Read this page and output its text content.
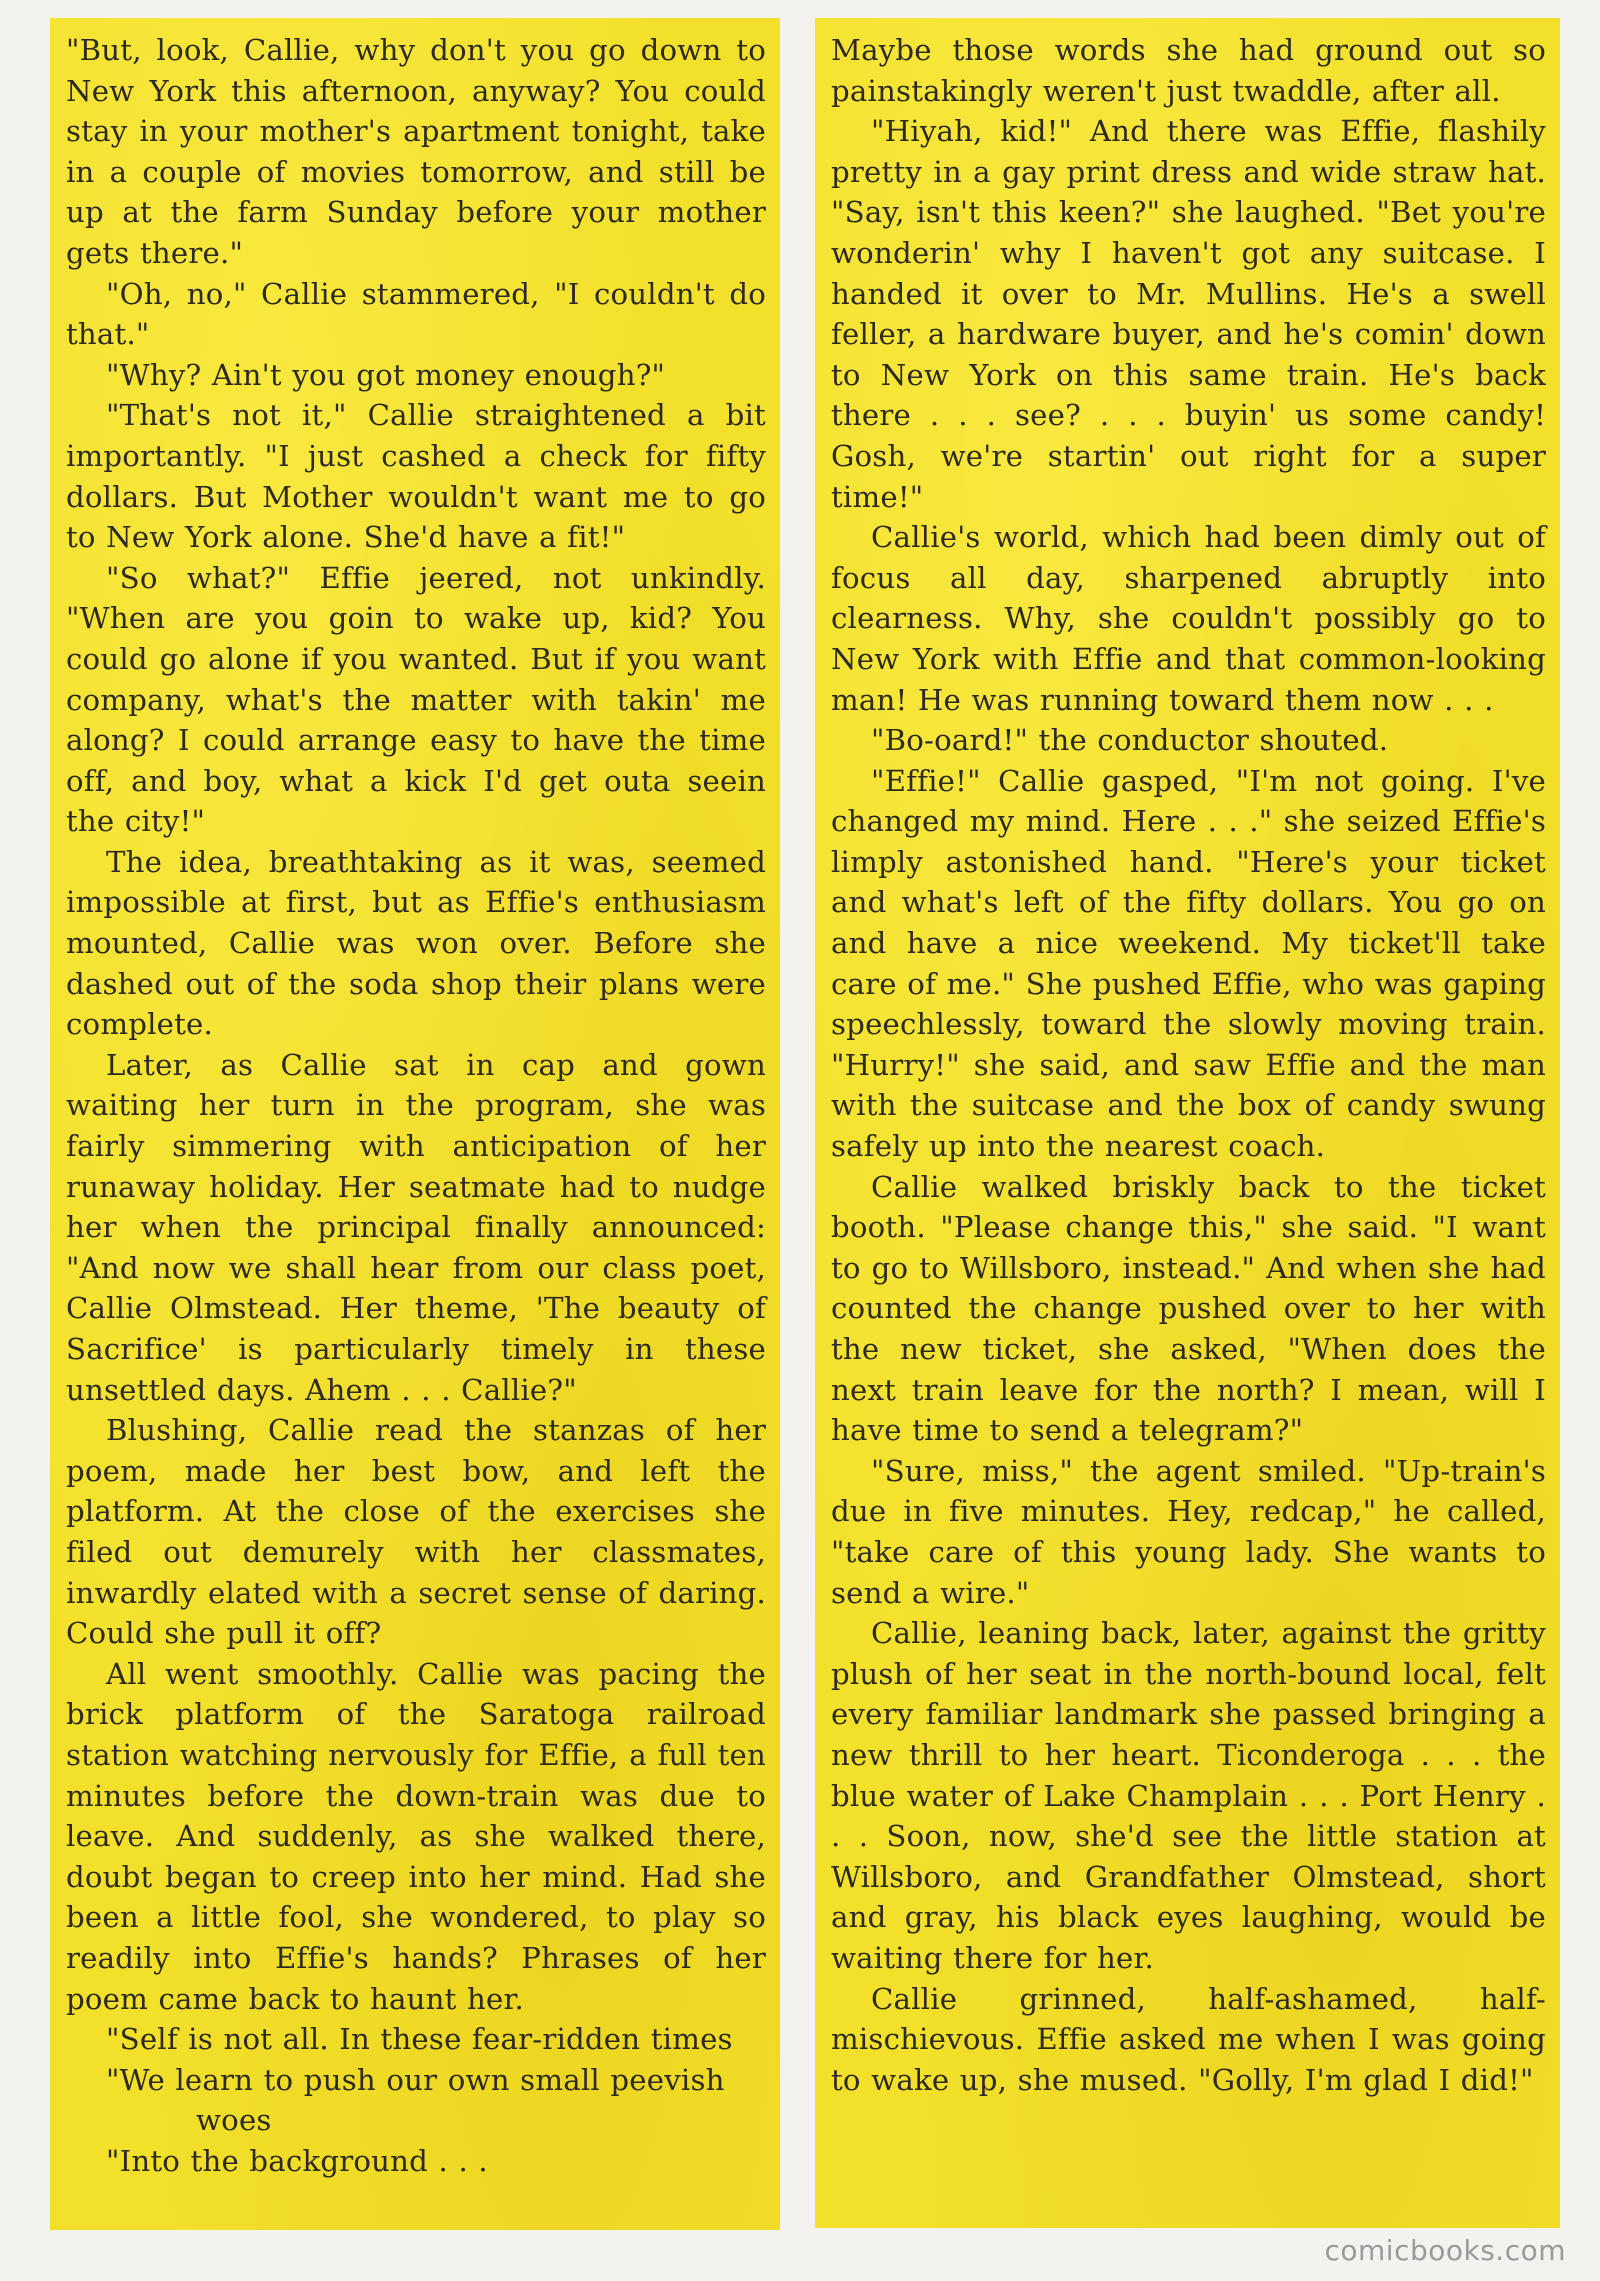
"But, look, Callie, why don't you go down to New York this afternoon, anyway? You could stay in your mother's apartment tonight, take in a couple of movies tomorrow, and still be up at the farm Sunday before your mother gets there."

"Oh, no," Callie stammered, "I couldn't do that."

"Why? Ain't you got money enough?"

"That's not it," Callie straightened a bit importantly. "I just cashed a check for fifty dollars. But Mother wouldn't want me to go to New York alone. She'd have a fit!"

"So what?" Effie jeered, not unkindly. "When are you goin to wake up, kid? You could go alone if you wanted. But if you want company, what's the matter with takin' me along? I could arrange easy to have the time off, and boy, what a kick I'd get outa seein the city!"

The idea, breathtaking as it was, seemed impossible at first, but as Effie's enthusiasm mounted, Callie was won over. Before she dashed out of the soda shop their plans were complete.

Later, as Callie sat in cap and gown waiting her turn in the program, she was fairly simmering with anticipation of her runaway holiday. Her seatmate had to nudge her when the principal finally announced: "And now we shall hear from our class poet, Callie Olmstead. Her theme, 'The beauty of Sacrifice' is particularly timely in these unsettled days. Ahem . . . Callie?"

Blushing, Callie read the stanzas of her poem, made her best bow, and left the platform. At the close of the exercises she filed out demurely with her classmates, inwardly elated with a secret sense of daring. Could she pull it off?

All went smoothly. Callie was pacing the brick platform of the Saratoga railroad station watching nervously for Effie, a full ten minutes before the down-train was due to leave. And suddenly, as she walked there, doubt began to creep into her mind. Had she been a little fool, she wondered, to play so readily into Effie's hands? Phrases of her poem came back to haunt her.

"Self is not all. In these fear-ridden times
"We learn to push our own small peevish
woes
"Into the background . . .

Maybe those words she had ground out so painstakingly weren't just twaddle, after all.

"Hiyah, kid!" And there was Effie, flashily pretty in a gay print dress and wide straw hat. "Say, isn't this keen?" she laughed. "Bet you're wonderin' why I haven't got any suitcase. I handed it over to Mr. Mullins. He's a swell feller, a hardware buyer, and he's comin' down to New York on this same train. He's back there . . . see? . . . buyin' us some candy! Gosh, we're startin' out right for a super time!"

Callie's world, which had been dimly out of focus all day, sharpened abruptly into clearness. Why, she couldn't possibly go to New York with Effie and that common-looking man! He was running toward them now . . .

"Bo-oard!" the conductor shouted.

"Effie!" Callie gasped, "I'm not going. I've changed my mind. Here . . ." she seized Effie's limply astonished hand. "Here's your ticket and what's left of the fifty dollars. You go on and have a nice weekend. My ticket'll take care of me." She pushed Effie, who was gaping speechlessly, toward the slowly moving train. "Hurry!" she said, and saw Effie and the man with the suitcase and the box of candy swung safely up into the nearest coach.

Callie walked briskly back to the ticket booth. "Please change this," she said. "I want to go to Willsboro, instead." And when she had counted the change pushed over to her with the new ticket, she asked, "When does the next train leave for the north? I mean, will I have time to send a telegram?"

"Sure, miss," the agent smiled. "Up-train's due in five minutes. Hey, redcap," he called, "take care of this young lady. She wants to send a wire."

Callie, leaning back, later, against the gritty plush of her seat in the north-bound local, felt every familiar landmark she passed bringing a new thrill to her heart. Ticonderoga . . . the blue water of Lake Champlain . . . Port Henry . . . Soon, now, she'd see the little station at Willsboro, and Grandfather Olmstead, short and gray, his black eyes laughing, would be waiting there for her.

Callie grinned, half-ashamed, half-mischievous. Effie asked me when I was going to wake up, she mused. "Golly, I'm glad I did!"

comicbooks.com
